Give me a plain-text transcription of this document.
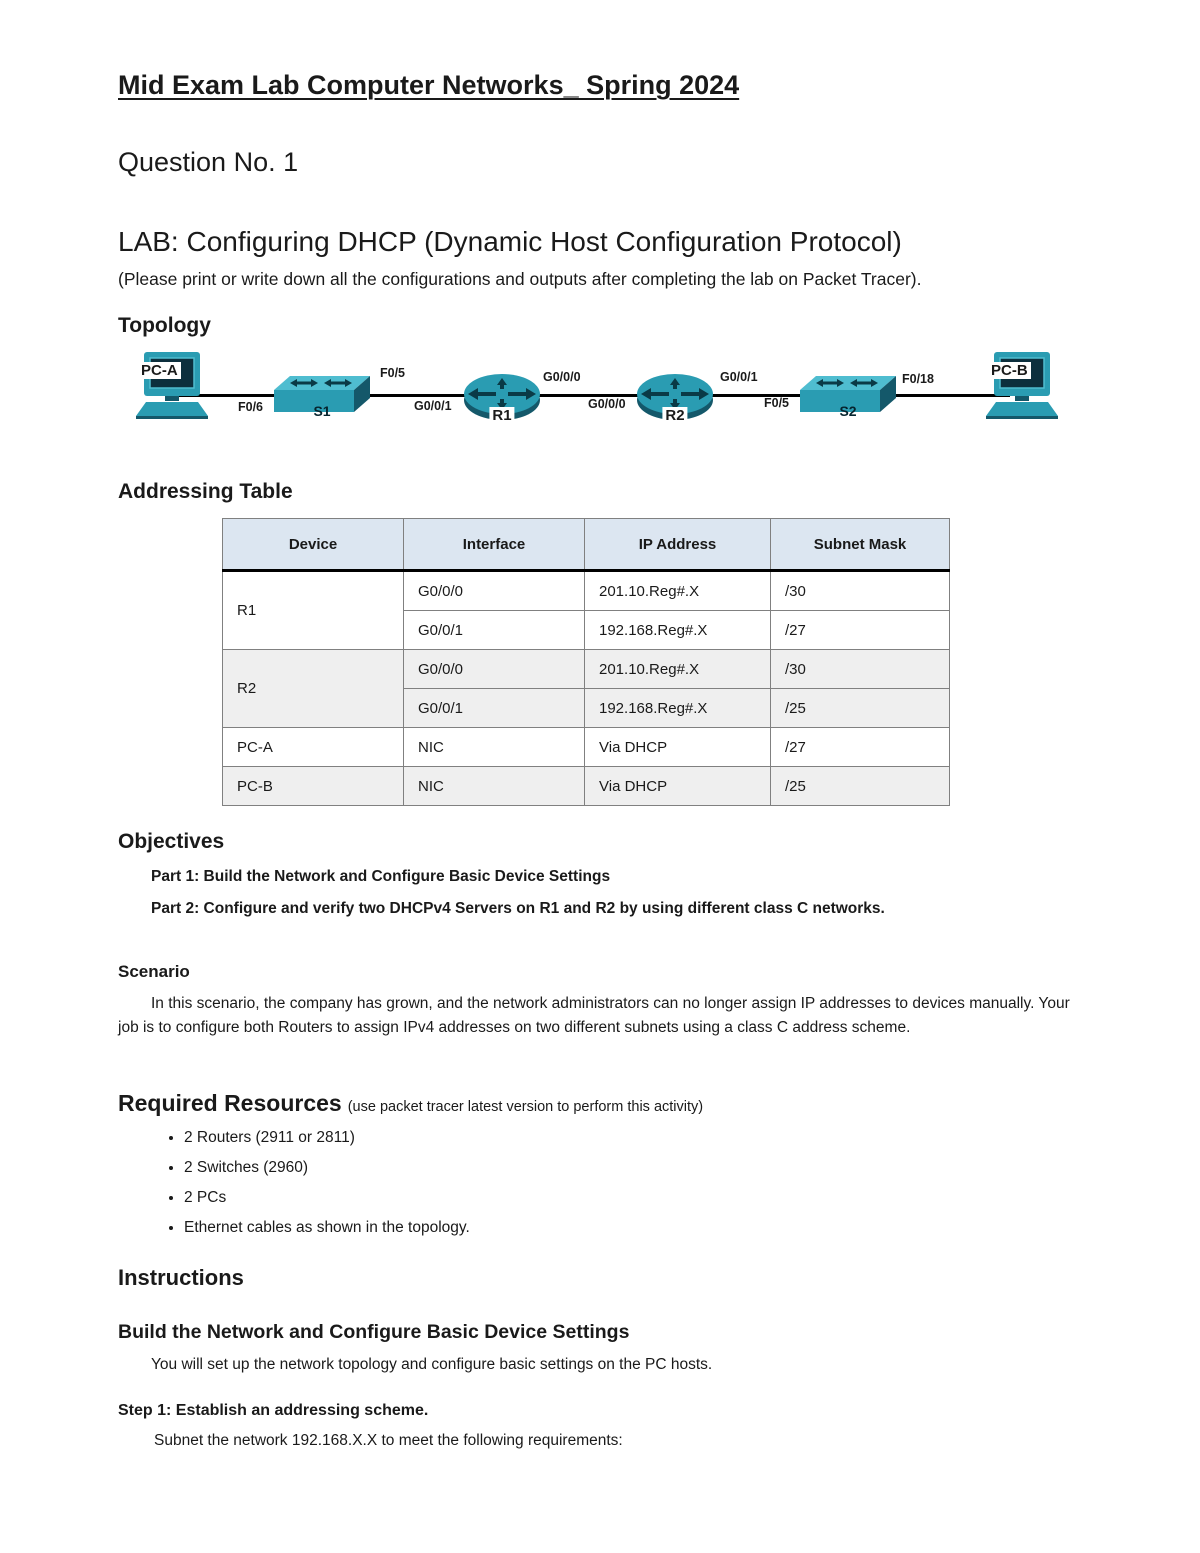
Mid Exam Lab Computer Networks_ Spring 2024
Question No. 1
LAB: Configuring DHCP (Dynamic Host Configuration Protocol)

(Please print or write down all the configurations and outputs after completing the lab on Packet Tracer).

Topology
PC-A
S1	R1	R2	S2
PC-B
F0/6
F0/5
G0/0/1
G0/0/0
G0/0/0
G0/0/1
F0/5
F0/18
Addressing Table
Device	Interface	IP Address	Subnet Mask
R1	G0/0/0	201.10.Reg#.X	/30
	G0/0/1	192.168.Reg#.X	/27
R2	G0/0/0	201.10.Reg#.X	/30
	G0/0/1	192.168.Reg#.X	/25
PC-A	NIC	Via DHCP	/27
PC-B	NIC	Via DHCP	/25
Objectives

Part 1: Build the Network and Configure Basic Device Settings

Part 2: Configure and verify two DHCPv4 Servers on R1 and R2 by using different class C networks.

Scenario

In this scenario, the company has grown, and the network administrators can no longer assign IP addresses to devices manually. Your job is to configure both Routers to assign IPv4 addresses on two different subnets using a class C address scheme.

Required Resources (use packet tracer latest version to perform this activity)
• 2 Routers (2911 or 2811)
• 2 Switches (2960)
• 2 PCs
• Ethernet cables as shown in the topology.
Instructions
Build the Network and Configure Basic Device Settings

You will set up the network topology and configure basic settings on the PC hosts.

Step 1: Establish an addressing scheme.

Subnet the network 192.168.X.X to meet the following requirements:
